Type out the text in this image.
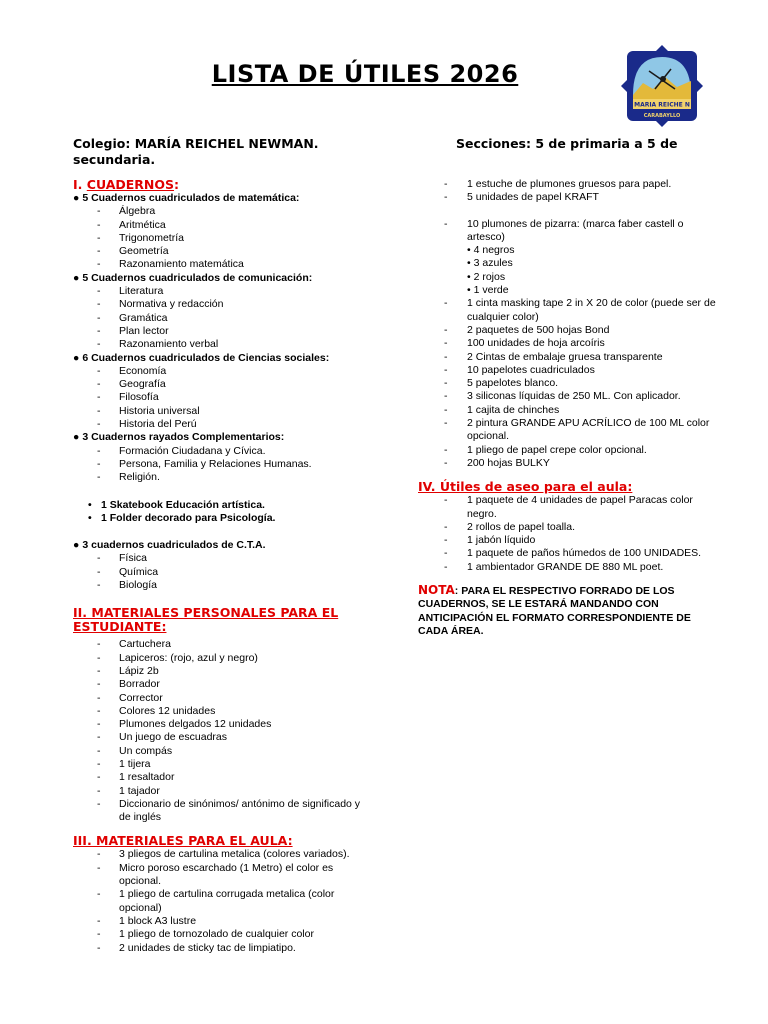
LISTA DE ÚTILES 2026
MARIA REICHE N
CARABAYLLO
Colegio: MARÍA REICHEL NEWMAN.
secundaria.
Secciones: 5 de primaria a 5 de

I. CUADERNOS:

● 5 Cuadernos cuadriculados de matemática:

- Álgebra
- Aritmética
- Trigonometría
- Geometría
- Razonamiento matemática

● 5 Cuadernos cuadriculados de comunicación:

- Literatura
- Normativa y redacción
- Gramática
- Plan lector
- Razonamiento verbal

● 6 Cuadernos cuadriculados de Ciencias sociales:

- Economía
- Geografía
- Filosofía
- Historia universal
- Historia del Perú

● 3 Cuadernos rayados Complementarios:

- Formación Ciudadana y Cívica.
- Persona, Familia y Relaciones Humanas.
- Religión.
• 1 Skatebook Educación artística.
• 1 Folder decorado para Psicología.

● 3 cuadernos cuadriculados de C.T.A.

- Física
- Química
- Biología

II. MATERIALES PERSONALES PARA EL ESTUDIANTE:

- Cartuchera
- Lapiceros: (rojo, azul y negro)
- Lápiz 2b
- Borrador
- Corrector
- Colores 12 unidades
- Plumones delgados 12 unidades
- Un juego de escuadras
- Un compás
- 1 tijera
- 1 resaltador
- 1 tajador
- Diccionario de sinónimos/ antónimo de significado y de inglés

III. MATERIALES PARA EL AULA:

- 3 pliegos de cartulina metalica (colores variados).
- Micro poroso escarchado (1 Metro) el color es opcional.
- 1 pliego de cartulina corrugada metalica (color opcional)
- 1 block A3 lustre
- 1 pliego de tornozolado de cualquier color
- 2 unidades de sticky tac de limpiatipo.
- 1 estuche de plumones gruesos para papel.
- 5 unidades de papel KRAFT
- 10 plumones de pizarra: (marca faber castell o artesco)
• 4 negros
• 3 azules
• 2 rojos
• 1 verde
- 1 cinta masking tape 2 in X 20 de color (puede ser de cualquier color)
- 2 paquetes de 500 hojas Bond
- 100 unidades de hoja arcoíris
- 2 Cintas de embalaje gruesa transparente
- 10 papelotes cuadriculados
- 5 papelotes blanco.
- 3 siliconas líquidas de 250 ML. Con aplicador.
- 1 cajita de chinches
- 2 pintura GRANDE APU ACRÍLICO de 100 ML color opcional.
- 1 pliego de papel crepe color opcional.
- 200 hojas BULKY

IV. Útiles de aseo para el aula:

- 1 paquete de 4 unidades de papel Paracas color negro.
- 2 rollos de papel toalla.
- 1 jabón líquido
- 1 paquete de paños húmedos de 100 UNIDADES.
- 1 ambientador GRANDE DE 880 ML poet.
NOTA: PARA EL RESPECTIVO FORRADO DE LOS CUADERNOS, SE LE ESTARÁ MANDANDO CON ANTICIPACIÓN EL FORMATO CORRESPONDIENTE DE CADA ÁREA.
